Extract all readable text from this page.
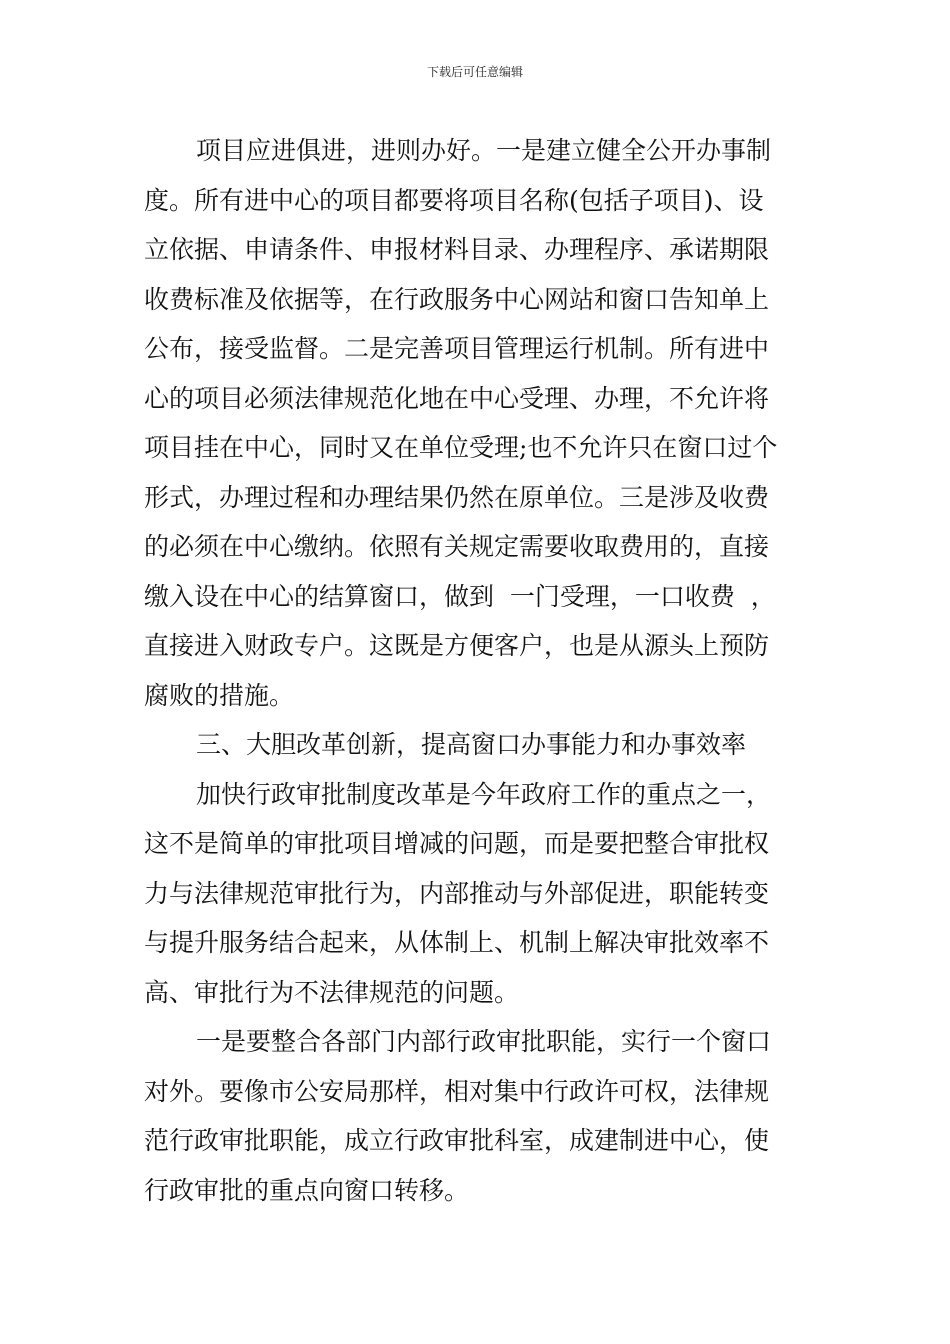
下载后可任意编辑
项目应进俱进，进则办好。一是建立健全公开办事制
度。所有进中心的项目都要将项目名称(包括子项目)、设
立依据、申请条件、申报材料目录、办理程序、承诺期限
收费标准及依据等，在行政服务中心网站和窗口告知单上
公布，接受监督。二是完善项目管理运行机制。所有进中
心的项目必须法律规范化地在中心受理、办理，不允许将
项目挂在中心，同时又在单位受理;也不允许只在窗口过个
形式，办理过程和办理结果仍然在原单位。三是涉及收费
的必须在中心缴纳。依照有关规定需要收取费用的，直接
缴入设在中心的结算窗口，做到  一门受理，一口收费  ，
直接进入财政专户。这既是方便客户，也是从源头上预防
腐败的措施。
三、大胆改革创新，提高窗口办事能力和办事效率
加快行政审批制度改革是今年政府工作的重点之一，
这不是简单的审批项目增减的问题，而是要把整合审批权
力与法律规范审批行为，内部推动与外部促进，职能转变
与提升服务结合起来，从体制上、机制上解决审批效率不
高、审批行为不法律规范的问题。
一是要整合各部门内部行政审批职能，实行一个窗口
对外。要像市公安局那样，相对集中行政许可权，法律规
范行政审批职能，成立行政审批科室，成建制进中心，使
行政审批的重点向窗口转移。
